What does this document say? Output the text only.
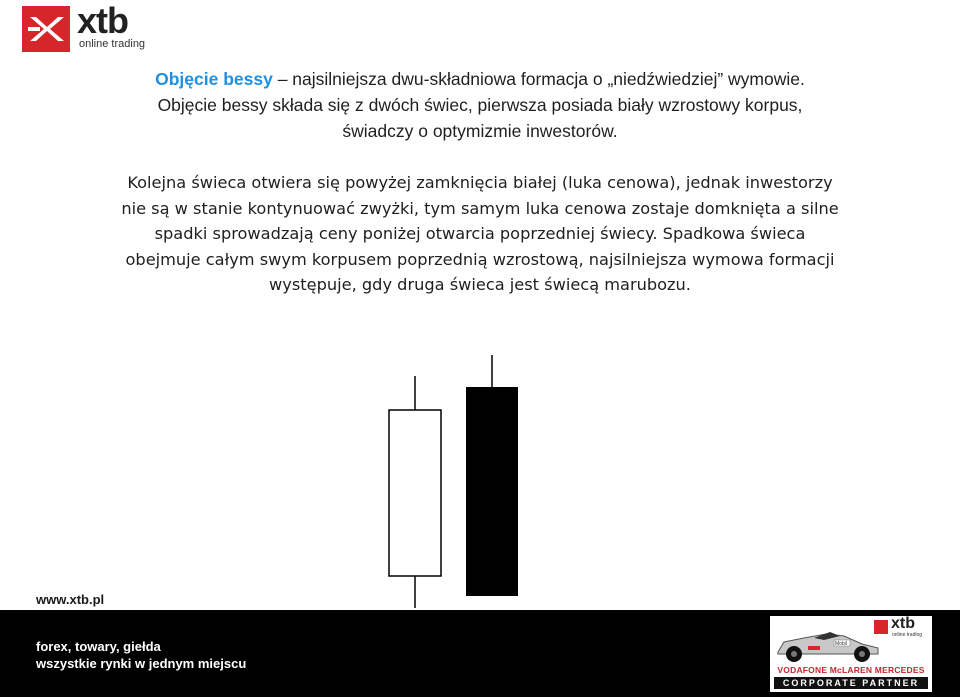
xtb
online trading
Objęcie bessy – najsilniejsza dwu-składniowa formacja o „niedźwiedziej” wymowie.
Objęcie bessy składa się z dwóch świec, pierwsza posiada biały wzrostowy korpus,
świadczy o optymizmie inwestorów.
Kolejna świeca otwiera się powyżej zamknięcia białej (luka cenowa), jednak inwestorzy
nie są w stanie kontynuować zwyżki, tym samym luka cenowa zostaje domknięta a silne
spadki sprowadzają ceny poniżej otwarcia poprzedniej świecy. Spadkowa świeca
obejmuje całym swym korpusem poprzednią wzrostową, najsilniejsza wymowa formacji
występuje, gdy druga świeca jest świecą marubozu.
www.xtb.pl
forex, towary, giełda
wszystkie rynki w jednym miejscu
xtb
online trading
Mobil
VODAFONE McLAREN MERCEDES
CORPORATE PARTNER
